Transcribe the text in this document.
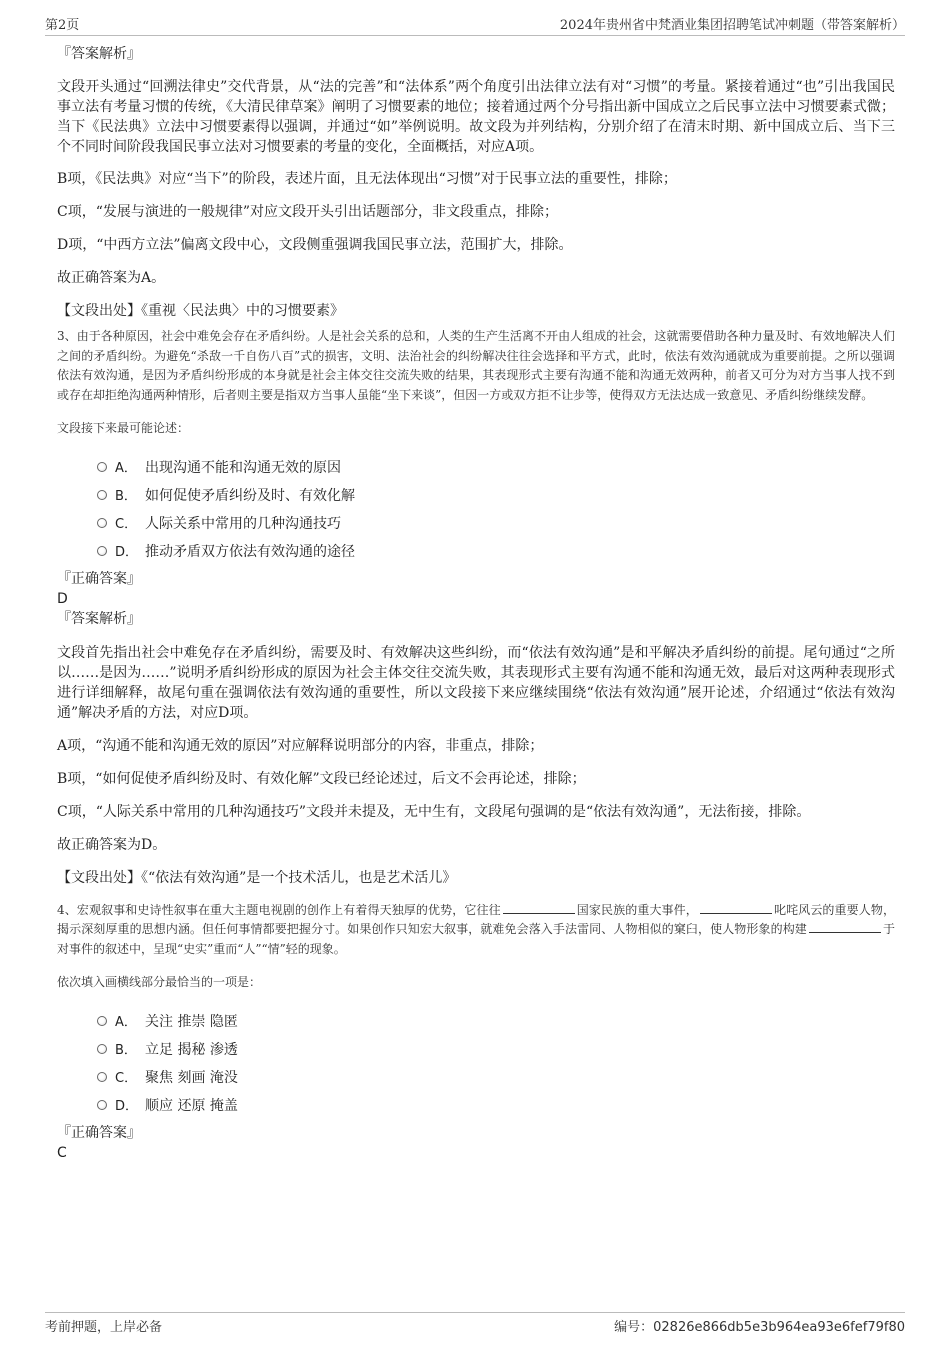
第2页	2024年贵州省中梵酒业集团招聘笔试冲刺题（带答案解析）

『答案解析』

文段开头通过“回溯法律史”交代背景，从“法的完善”和“法体系”两个角度引出法律立法有对“习惯”的考量。紧接着通过“也”引出我国民事立法有考量习惯的传统，《大清民律草案》阐明了习惯要素的地位；接着通过两个分号指出新中国成立之后民事立法中习惯要素式微；当下《民法典》立法中习惯要素得以强调，并通过“如”举例说明。故文段为并列结构，分别介绍了在清末时期、新中国成立后、当下三个不同时间阶段我国民事立法对习惯要素的考量的变化，全面概括，对应A项。

B项，《民法典》对应“当下”的阶段，表述片面，且无法体现出“习惯”对于民事立法的重要性，排除；

C项，“发展与演进的一般规律”对应文段开头引出话题部分，非文段重点，排除；

D项，“中西方立法”偏离文段中心，文段侧重强调我国民事立法，范围扩大，排除。

故正确答案为A。

【文段出处】《重视〈民法典〉中的习惯要素》

3、由于各种原因，社会中难免会存在矛盾纠纷。人是社会关系的总和，人类的生产生活离不开由人组成的社会，这就需要借助各种力量及时、有效地解决人们之间的矛盾纠纷。为避免“杀敌一千自伤八百”式的损害，文明、法治社会的纠纷解决往往会选择和平方式，此时，依法有效沟通就成为重要前提。之所以强调依法有效沟通，是因为矛盾纠纷形成的本身就是社会主体交往交流失败的结果，其表现形式主要有沟通不能和沟通无效两种，前者又可分为对方当事人找不到或存在却拒绝沟通两种情形，后者则主要是指双方当事人虽能“坐下来谈”，但因一方或双方拒不让步等，使得双方无法达成一致意见、矛盾纠纷继续发酵。

文段接下来最可能论述：

A． 出现沟通不能和沟通无效的原因
B． 如何促使矛盾纠纷及时、有效化解
C． 人际关系中常用的几种沟通技巧
D． 推动矛盾双方依法有效沟通的途径

『正确答案』

D

『答案解析』

文段首先指出社会中难免存在矛盾纠纷，需要及时、有效解决这些纠纷，而“依法有效沟通”是和平解决矛盾纠纷的前提。尾句通过“之所以……是因为……”说明矛盾纠纷形成的原因为社会主体交往交流失败，其表现形式主要有沟通不能和沟通无效，最后对这两种表现形式进行详细解释，故尾句重在强调依法有效沟通的重要性，所以文段接下来应继续围绕“依法有效沟通”展开论述，介绍通过“依法有效沟通”解决矛盾的方法，对应D项。

A项，“沟通不能和沟通无效的原因”对应解释说明部分的内容，非重点，排除；

B项，“如何促使矛盾纠纷及时、有效化解”文段已经论述过，后文不会再论述，排除；

C项，“人际关系中常用的几种沟通技巧”文段并未提及，无中生有，文段尾句强调的是“依法有效沟通”，无法衔接，排除。

故正确答案为D。

【文段出处】《“依法有效沟通”是一个技术活儿，也是艺术活儿》

4、宏观叙事和史诗性叙事在重大主题电视剧的创作上有着得天独厚的优势，它往往	国家民族的重大事件，	叱咤风云的重要人物，揭示深刻厚重的思想内涵。但任何事情都要把握分寸。如果创作只知宏大叙事，就难免会落入手法雷同、人物相似的窠臼，使人物形象的构建	于对事件的叙述中，呈现“史实”重而“人”“情”轻的现象。

依次填入画横线部分最恰当的一项是：

A． 关注 推崇 隐匿
B． 立足 揭秘 渗透
C． 聚焦 刻画 淹没
D． 顺应 还原 掩盖

『正确答案』

C

考前押题，上岸必备	编号：02826e866db5e3b964ea93e6fef79f80
